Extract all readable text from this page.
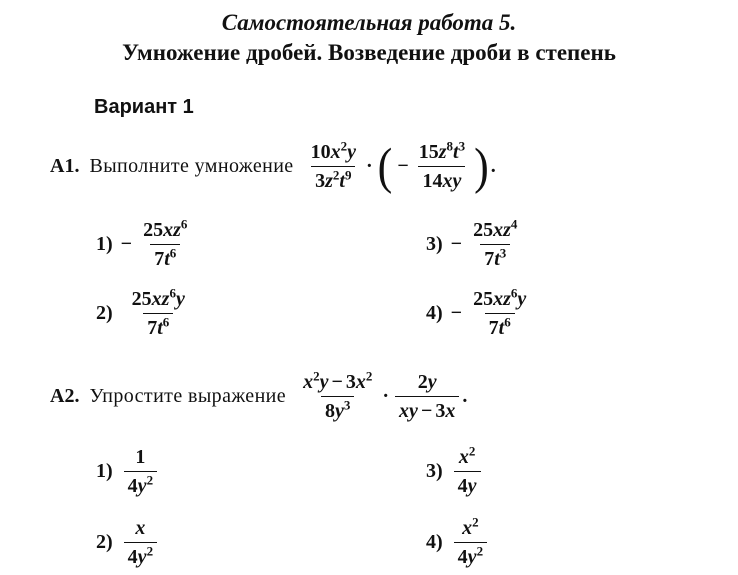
Самостоятельная работа 5.
Умножение дробей. Возведение дроби в степень
Вариант 1
А1. Выполните умножение $\frac{10x^2y}{3z^2t^9}$ · ( − $\frac{15z^8t^3}{14xy}$ ) .
$1) - \frac{25xz^6}{7t^6}$
$2) \frac{25xz^6y}{7t^6}$
$3) - \frac{25xz^4}{7t^3}$
$4) - \frac{25xz^6y}{7t^6}$
А2. Упростите выражение $\frac{x^2y - 3x^2}{8y^3} \cdot \frac{2y}{xy - 3x}$ .
$1) \frac{1}{4y^2}$
$2) \frac{x}{4y^2}$
$3) \frac{x^2}{4y}$
$4) \frac{x^2}{4y^2}$
